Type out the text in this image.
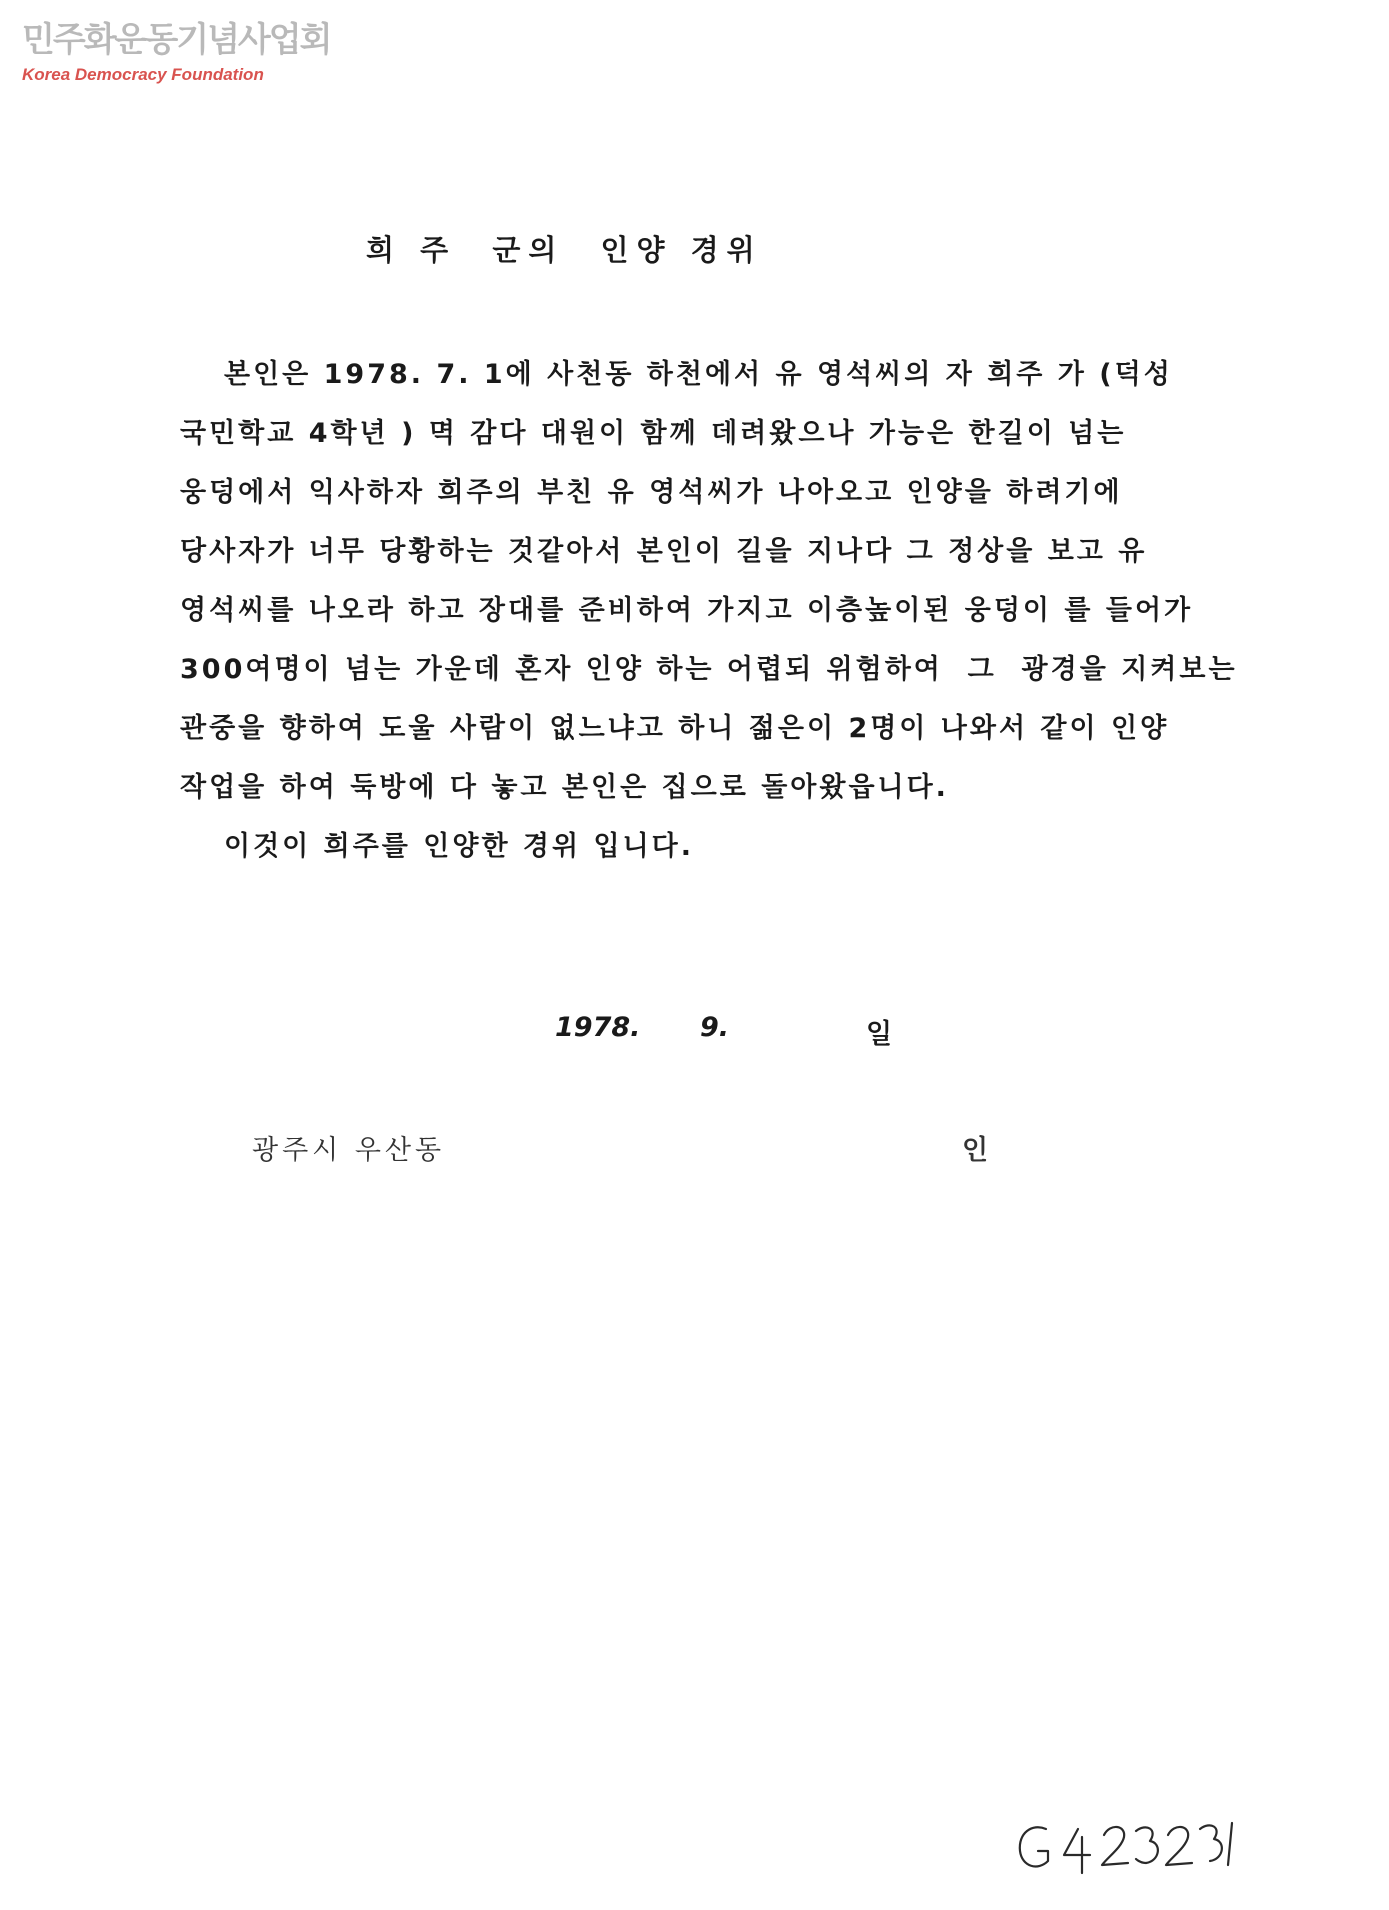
민주화운동기념사업회
Korea Democracy Foundation
희 주  군의  인양 경위
본인은 1978. 7. 1에 사천동 하천에서 유 영석씨의 자 희주 가 (덕성
국민학교 4학년 ) 멱 감다 대원이 함께 데려왔으나 가능은 한길이 넘는
웅덩에서 익사하자 희주의 부친 유 영석씨가 나아오고 인양을 하려기에
당사자가 너무 당황하는 것같아서 본인이 길을 지나다 그 정상을 보고 유
영석씨를 나오라 하고 장대를 준비하여 가지고 이층높이된 웅덩이 를 들어가
300여명이 넘는 가운데 혼자 인양 하는 어렵되 위험하여  그  광경을 지켜보는
관중을 향하여 도울 사람이 없느냐고 하니 젊은이 2명이 나와서 같이 인양
작업을 하여 둑방에 다 놓고 본인은 집으로 돌아왔읍니다.
이것이 희주를 인양한 경위 입니다.
1978. 9.	일
광주시 우산동	인
